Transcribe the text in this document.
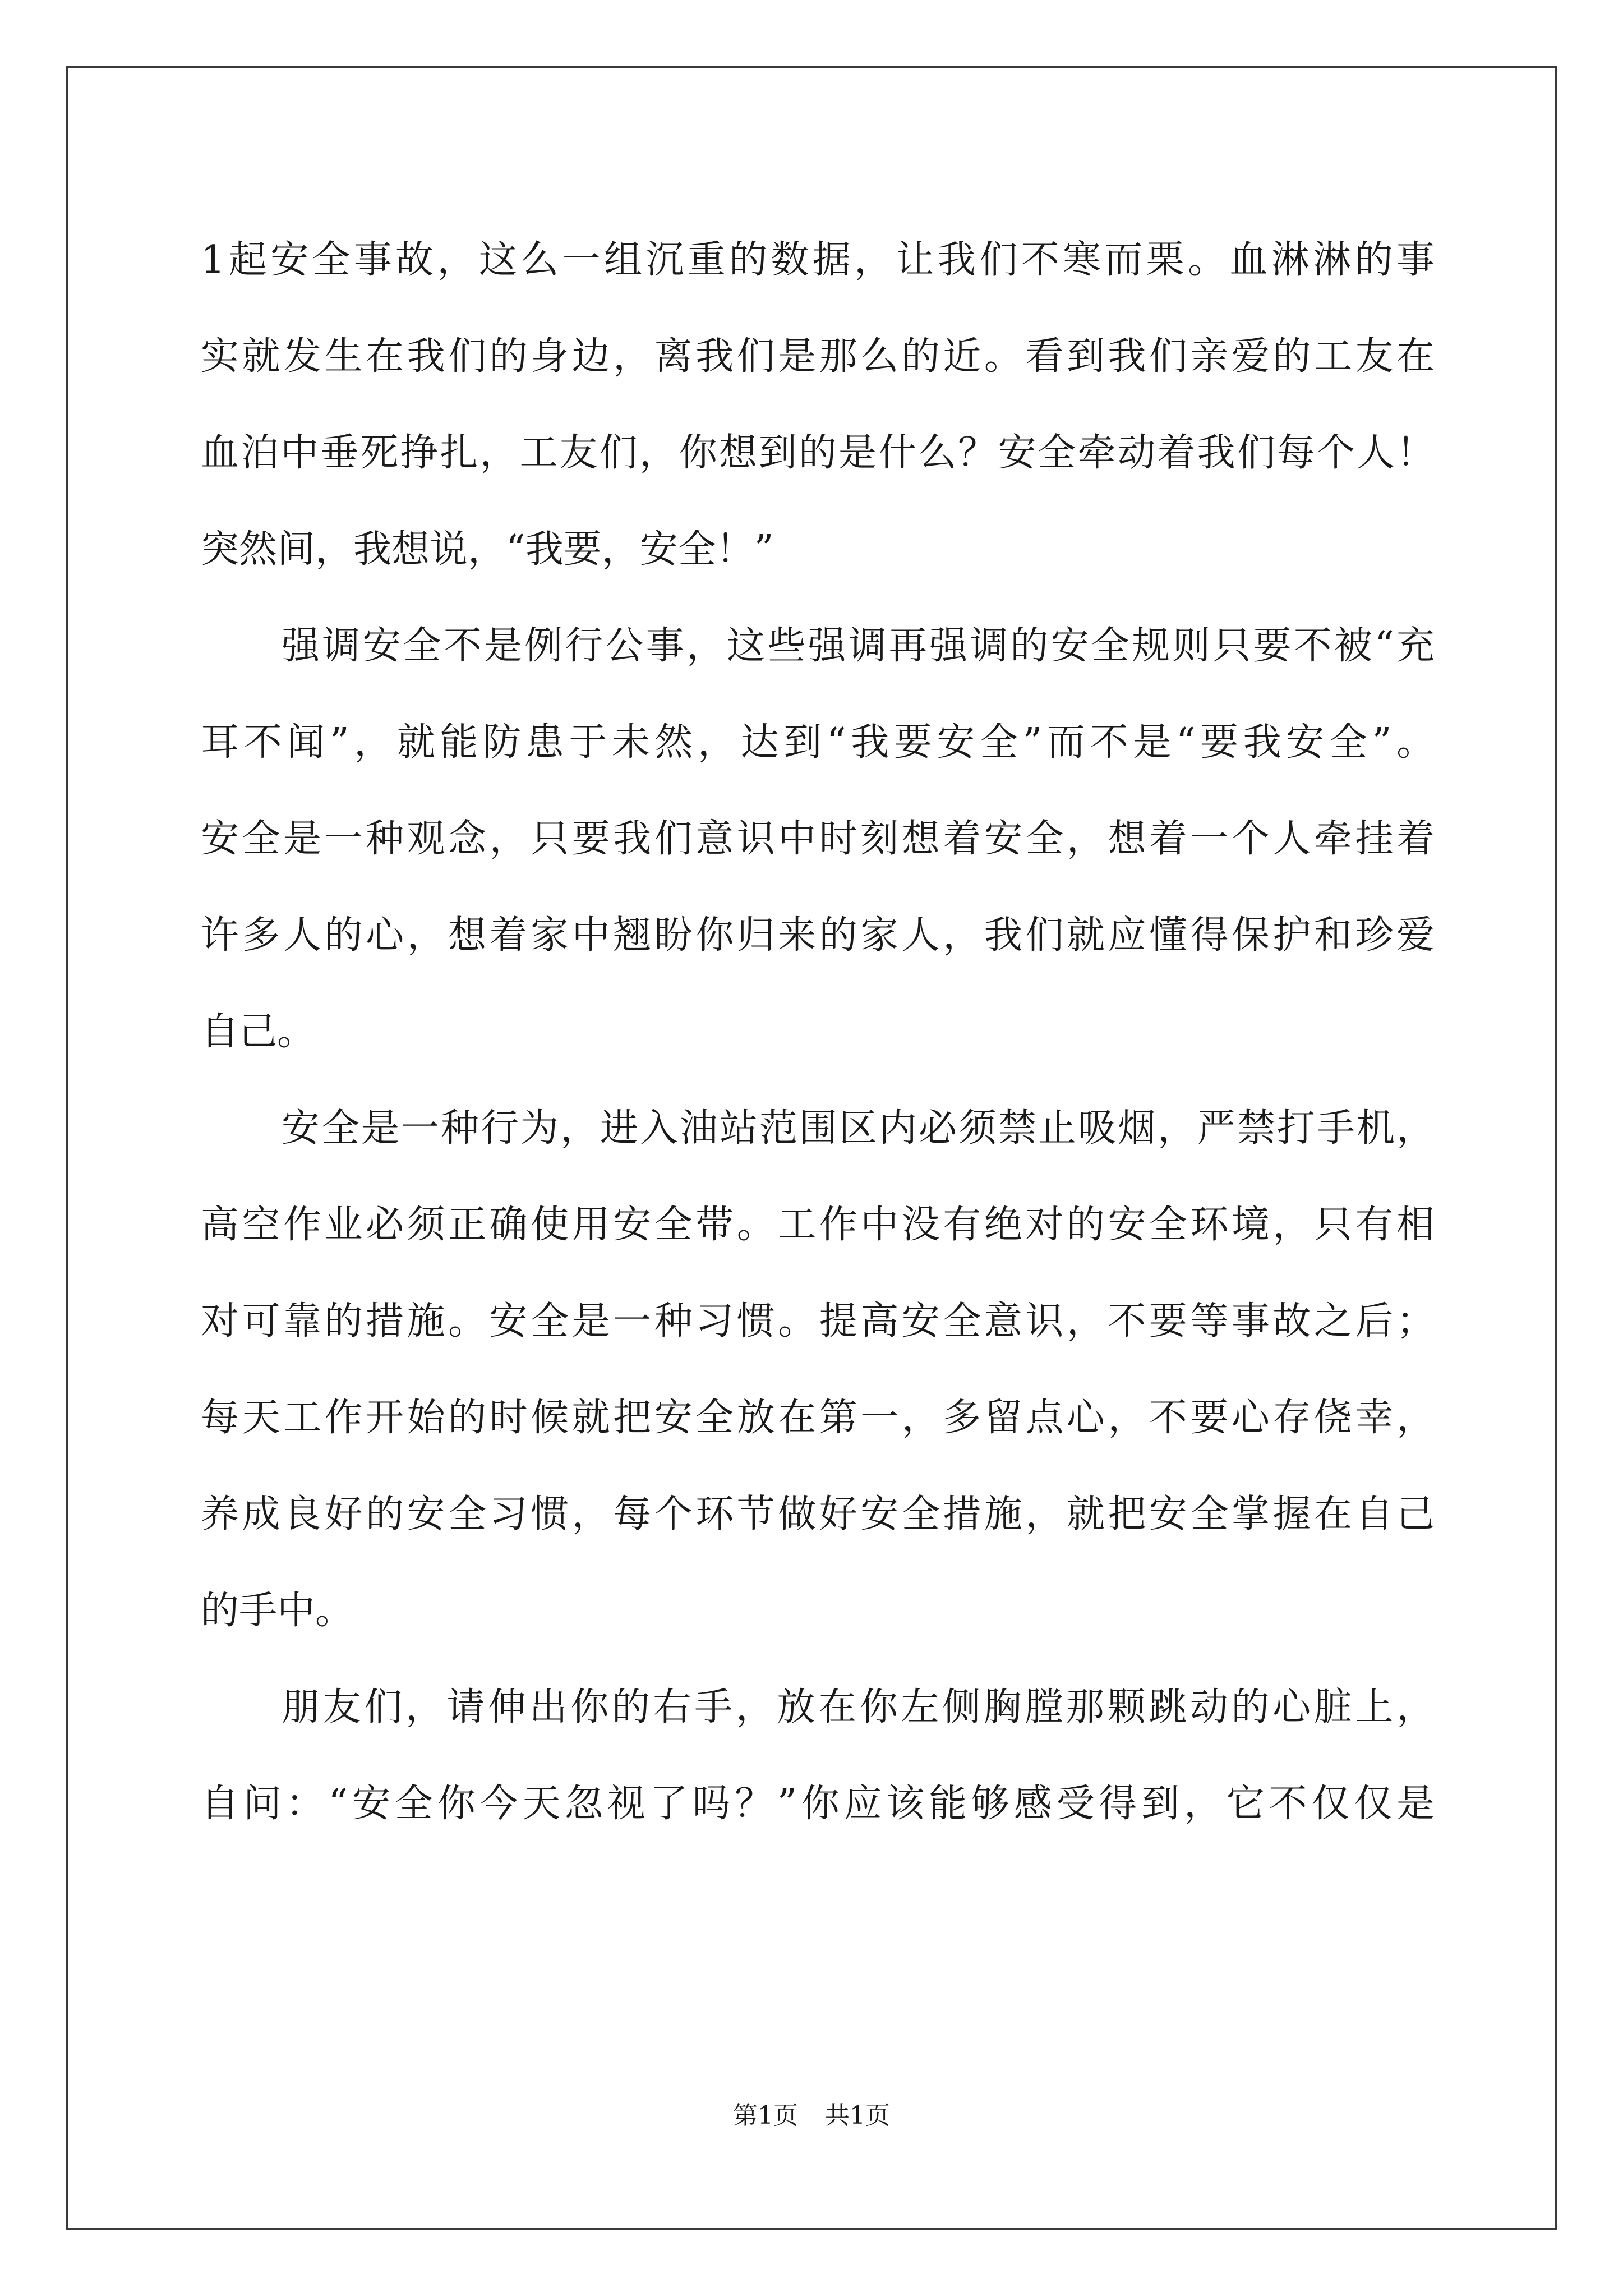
1起安全事故，这么一组沉重的数据，让我们不寒而栗。血淋淋的事
实就发生在我们的身边，离我们是那么的近。看到我们亲爱的工友在
血泊中垂死挣扎，工友们，你想到的是什么？安全牵动着我们每个人！
突然间，我想说，“我要，安全！”
强调安全不是例行公事，这些强调再强调的安全规则只要不被“充
耳不闻”，就能防患于未然，达到“我要安全”而不是“要我安全”。
安全是一种观念，只要我们意识中时刻想着安全，想着一个人牵挂着
许多人的心，想着家中翘盼你归来的家人，我们就应懂得保护和珍爱
自己。
安全是一种行为，进入油站范围区内必须禁止吸烟，严禁打手机，
高空作业必须正确使用安全带。工作中没有绝对的安全环境，只有相
对可靠的措施。安全是一种习惯。提高安全意识，不要等事故之后；
每天工作开始的时候就把安全放在第一，多留点心，不要心存侥幸，
养成良好的安全习惯，每个环节做好安全措施，就把安全掌握在自己
的手中。
朋友们，请伸出你的右手，放在你左侧胸膛那颗跳动的心脏上，
自问：“安全你今天忽视了吗？”你应该能够感受得到，它不仅仅是
第1页 共1页
